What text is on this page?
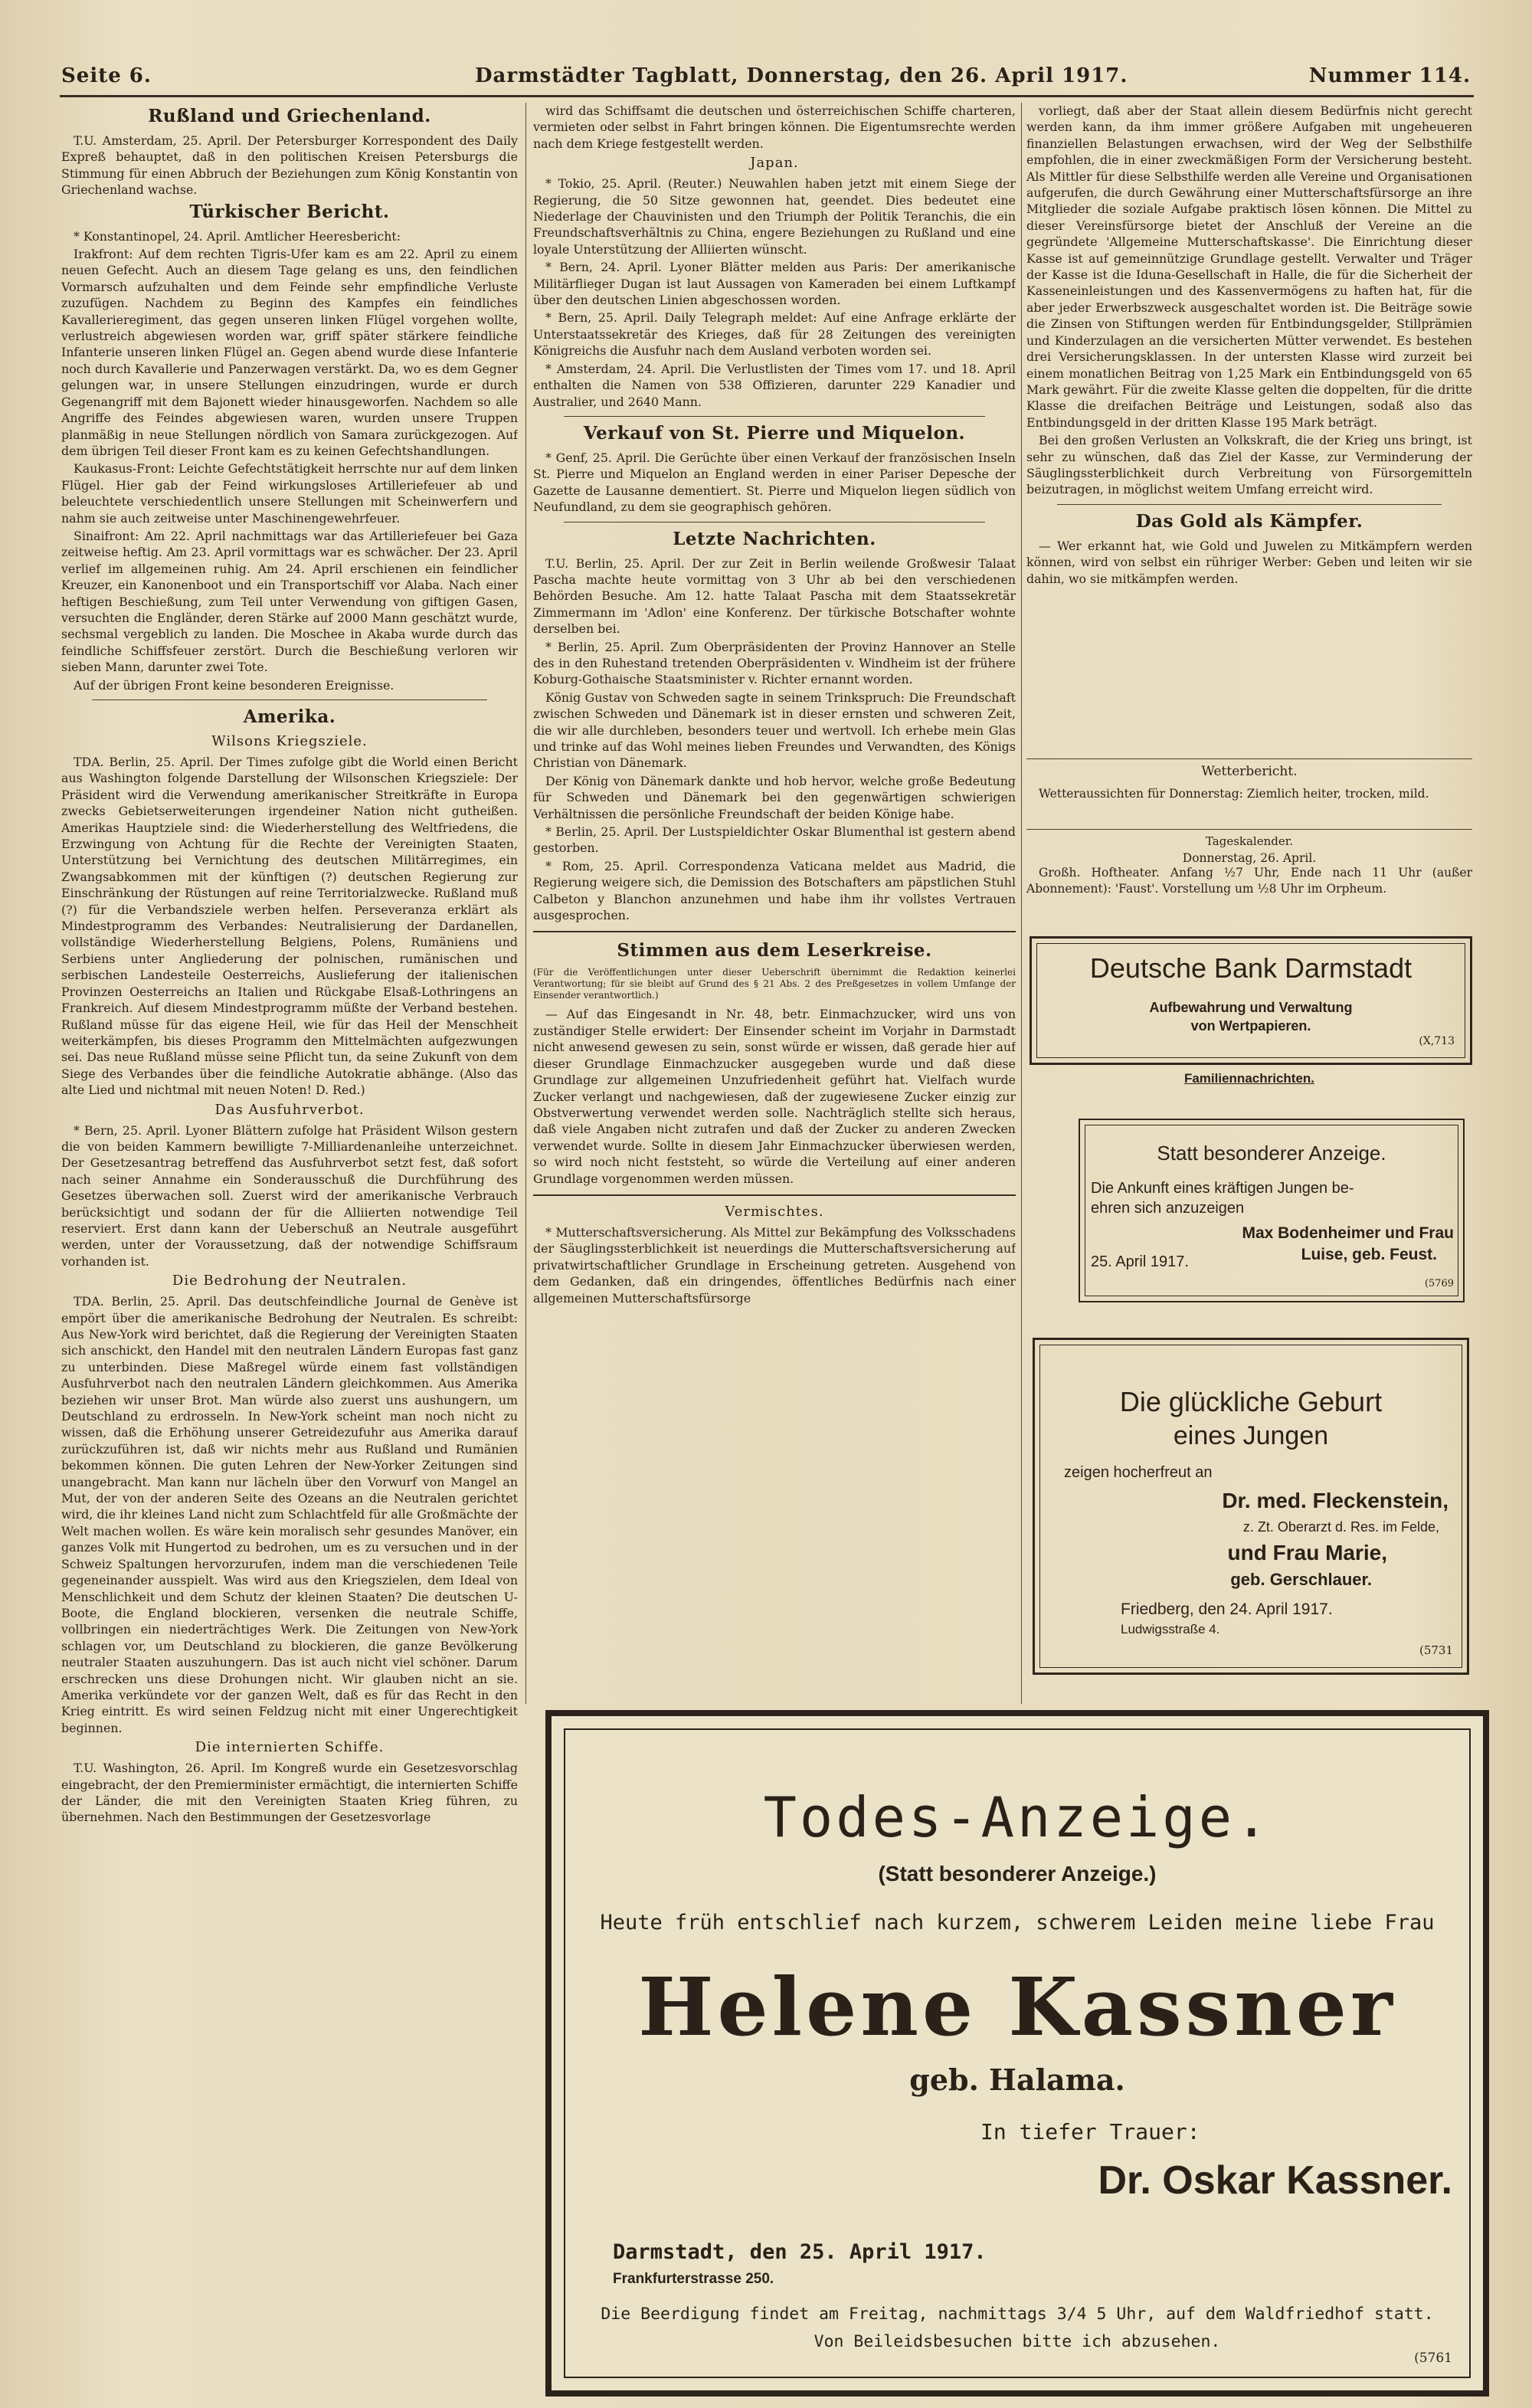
Seite 6.	Darmstädter Tagblatt, Donnerstag, den 26. April 1917.	Nummer 114.
Rußland und Griechenland.

T.U. Amsterdam, 25. April. Der Petersburger Korrespondent des Daily Expreß behauptet, daß in den politischen Kreisen Petersburgs die Stimmung für einen Abbruch der Beziehungen zum König Konstantin von Griechenland wachse.

Türkischer Bericht.

* Konstantinopel, 24. April. Amtlicher Heeresbericht:

Irakfront: Auf dem rechten Tigris-Ufer kam es am 22. April zu einem neuen Gefecht. Auch an diesem Tage gelang es uns, den feindlichen Vormarsch aufzuhalten und dem Feinde sehr empfindliche Verluste zuzufügen. Nachdem zu Beginn des Kampfes ein feindliches Kavallerieregiment, das gegen unseren linken Flügel vorgehen wollte, verlustreich abgewiesen worden war, griff später stärkere feindliche Infanterie unseren linken Flügel an. Gegen abend wurde diese Infanterie noch durch Kavallerie und Panzerwagen verstärkt. Da, wo es dem Gegner gelungen war, in unsere Stellungen einzudringen, wurde er durch Gegenangriff mit dem Bajonett wieder hinausgeworfen. Nachdem so alle Angriffe des Feindes abgewiesen waren, wurden unsere Truppen planmäßig in neue Stellungen nördlich von Samara zurückgezogen. Auf dem übrigen Teil dieser Front kam es zu keinen Gefechtshandlungen.

Kaukasus-Front: Leichte Gefechtstätigkeit herrschte nur auf dem linken Flügel. Hier gab der Feind wirkungsloses Artilleriefeuer ab und beleuchtete verschiedentlich unsere Stellungen mit Scheinwerfern und nahm sie auch zeitweise unter Maschinengewehrfeuer.

Sinaifront: Am 22. April nachmittags war das Artilleriefeuer bei Gaza zeitweise heftig. Am 23. April vormittags war es schwächer. Der 23. April verlief im allgemeinen ruhig. Am 24. April erschienen ein feindlicher Kreuzer, ein Kanonenboot und ein Transportschiff vor Alaba. Nach einer heftigen Beschießung, zum Teil unter Verwendung von giftigen Gasen, versuchten die Engländer, deren Stärke auf 2000 Mann geschätzt wurde, sechsmal vergeblich zu landen. Die Moschee in Akaba wurde durch das feindliche Schiffsfeuer zerstört. Durch die Beschießung verloren wir sieben Mann, darunter zwei Tote.

Auf der übrigen Front keine besonderen Ereignisse.

Amerika.
Wilsons Kriegsziele.

TDA. Berlin, 25. April. Der Times zufolge gibt die World einen Bericht aus Washington folgende Darstellung der Wilsonschen Kriegsziele: Der Präsident wird die Verwendung amerikanischer Streitkräfte in Europa zwecks Gebietserweiterungen irgendeiner Nation nicht gutheißen. Amerikas Hauptziele sind: die Wiederherstellung des Weltfriedens, die Erzwingung von Achtung für die Rechte der Vereinigten Staaten, Unterstützung bei Vernichtung des deutschen Militärregimes, ein Zwangsabkommen mit der künftigen (?) deutschen Regierung zur Einschränkung der Rüstungen auf reine Territorialzwecke. Rußland muß (?) für die Verbandsziele werben helfen. Perseveranza erklärt als Mindestprogramm des Verbandes: Neutralisierung der Dardanellen, vollständige Wiederherstellung Belgiens, Polens, Rumäniens und Serbiens unter Angliederung der polnischen, rumänischen und serbischen Landesteile Oesterreichs, Auslieferung der italienischen Provinzen Oesterreichs an Italien und Rückgabe Elsaß-Lothringens an Frankreich. Auf diesem Mindestprogramm müßte der Verband bestehen. Rußland müsse für das eigene Heil, wie für das Heil der Menschheit weiterkämpfen, bis dieses Programm den Mittelmächten aufgezwungen sei. Das neue Rußland müsse seine Pflicht tun, da seine Zukunft von dem Siege des Verbandes über die feindliche Autokratie abhänge. (Also das alte Lied und nichtmal mit neuen Noten! D. Red.)

Das Ausfuhrverbot.

* Bern, 25. April. Lyoner Blättern zufolge hat Präsident Wilson gestern die von beiden Kammern bewilligte 7-Milliardenanleihe unterzeichnet. Der Gesetzesantrag betreffend das Ausfuhrverbot setzt fest, daß sofort nach seiner Annahme ein Sonderausschuß die Durchführung des Gesetzes überwachen soll. Zuerst wird der amerikanische Verbrauch berücksichtigt und sodann der für die Alliierten notwendige Teil reserviert. Erst dann kann der Ueberschuß an Neutrale ausgeführt werden, unter der Voraussetzung, daß der notwendige Schiffsraum vorhanden ist.

Die Bedrohung der Neutralen.

TDA. Berlin, 25. April. Das deutschfeindliche Journal de Genève ist empört über die amerikanische Bedrohung der Neutralen. Es schreibt: Aus New-York wird berichtet, daß die Regierung der Vereinigten Staaten sich anschickt, den Handel mit den neutralen Ländern Europas fast ganz zu unterbinden. Diese Maßregel würde einem fast vollständigen Ausfuhrverbot nach den neutralen Ländern gleichkommen. Aus Amerika beziehen wir unser Brot. Man würde also zuerst uns aushungern, um Deutschland zu erdrosseln. In New-York scheint man noch nicht zu wissen, daß die Erhöhung unserer Getreidezufuhr aus Amerika darauf zurückzuführen ist, daß wir nichts mehr aus Rußland und Rumänien bekommen können. Die guten Lehren der New-Yorker Zeitungen sind unangebracht. Man kann nur lächeln über den Vorwurf von Mangel an Mut, der von der anderen Seite des Ozeans an die Neutralen gerichtet wird, die ihr kleines Land nicht zum Schlachtfeld für alle Großmächte der Welt machen wollen. Es wäre kein moralisch sehr gesundes Manöver, ein ganzes Volk mit Hungertod zu bedrohen, um es zu versuchen und in der Schweiz Spaltungen hervorzurufen, indem man die verschiedenen Teile gegeneinander ausspielt. Was wird aus den Kriegszielen, dem Ideal von Menschlichkeit und dem Schutz der kleinen Staaten? Die deutschen U-Boote, die England blockieren, versenken die neutrale Schiffe, vollbringen ein niederträchtiges Werk. Die Zeitungen von New-York schlagen vor, um Deutschland zu blockieren, die ganze Bevölkerung neutraler Staaten auszuhungern. Das ist auch nicht viel schöner. Darum erschrecken uns diese Drohungen nicht. Wir glauben nicht an sie. Amerika verkündete vor der ganzen Welt, daß es für das Recht in den Krieg eintritt. Es wird seinen Feldzug nicht mit einer Ungerechtigkeit beginnen.

Die internierten Schiffe.

T.U. Washington, 26. April. Im Kongreß wurde ein Gesetzesvorschlag eingebracht, der den Premierminister ermächtigt, die internierten Schiffe der Länder, die mit den Vereinigten Staaten Krieg führen, zu übernehmen. Nach den Bestimmungen der Gesetzesvorlage

wird das Schiffsamt die deutschen und österreichischen Schiffe charteren, vermieten oder selbst in Fahrt bringen können. Die Eigentumsrechte werden nach dem Kriege festgestellt werden.

Japan.

* Tokio, 25. April. (Reuter.) Neuwahlen haben jetzt mit einem Siege der Regierung, die 50 Sitze gewonnen hat, geendet. Dies bedeutet eine Niederlage der Chauvinisten und den Triumph der Politik Teranchis, die ein Freundschaftsverhältnis zu China, engere Beziehungen zu Rußland und eine loyale Unterstützung der Alliierten wünscht.

* Bern, 24. April. Lyoner Blätter melden aus Paris: Der amerikanische Militärflieger Dugan ist laut Aussagen von Kameraden bei einem Luftkampf über den deutschen Linien abgeschossen worden.

* Bern, 25. April. Daily Telegraph meldet: Auf eine Anfrage erklärte der Unterstaatssekretär des Krieges, daß für 28 Zeitungen des vereinigten Königreichs die Ausfuhr nach dem Ausland verboten worden sei.

* Amsterdam, 24. April. Die Verlustlisten der Times vom 17. und 18. April enthalten die Namen von 538 Offizieren, darunter 229 Kanadier und Australier, und 2640 Mann.

Verkauf von St. Pierre und Miquelon.

* Genf, 25. April. Die Gerüchte über einen Verkauf der französischen Inseln St. Pierre und Miquelon an England werden in einer Pariser Depesche der Gazette de Lausanne dementiert. St. Pierre und Miquelon liegen südlich von Neufundland, zu dem sie geographisch gehören.

Letzte Nachrichten.

T.U. Berlin, 25. April. Der zur Zeit in Berlin weilende Großwesir Talaat Pascha machte heute vormittag von 3 Uhr ab bei den verschiedenen Behörden Besuche. Am 12. hatte Talaat Pascha mit dem Staatssekretär Zimmermann im 'Adlon' eine Konferenz. Der türkische Botschafter wohnte derselben bei.

* Berlin, 25. April. Zum Oberpräsidenten der Provinz Hannover an Stelle des in den Ruhestand tretenden Oberpräsidenten v. Windheim ist der frühere Koburg-Gothaische Staatsminister v. Richter ernannt worden.

König Gustav von Schweden sagte in seinem Trinkspruch: Die Freundschaft zwischen Schweden und Dänemark ist in dieser ernsten und schweren Zeit, die wir alle durchleben, besonders teuer und wertvoll. Ich erhebe mein Glas und trinke auf das Wohl meines lieben Freundes und Verwandten, des Königs Christian von Dänemark.

Der König von Dänemark dankte und hob hervor, welche große Bedeutung für Schweden und Dänemark bei den gegenwärtigen schwierigen Verhältnissen die persönliche Freundschaft der beiden Könige habe.

* Berlin, 25. April. Der Lustspieldichter Oskar Blumenthal ist gestern abend gestorben.

* Rom, 25. April. Correspondenza Vaticana meldet aus Madrid, die Regierung weigere sich, die Demission des Botschafters am päpstlichen Stuhl Calbeton y Blanchon anzunehmen und habe ihm ihr vollstes Vertrauen ausgesprochen.

Stimmen aus dem Leserkreise.
(Für die Veröffentlichungen unter dieser Ueberschrift übernimmt die Redaktion keinerlei Verantwortung; für sie bleibt auf Grund des § 21 Abs. 2 des Preßgesetzes in vollem Umfange der Einsender verantwortlich.)

— Auf das Eingesandt in Nr. 48, betr. Einmachzucker, wird uns von zuständiger Stelle erwidert: Der Einsender scheint im Vorjahr in Darmstadt nicht anwesend gewesen zu sein, sonst würde er wissen, daß gerade hier auf dieser Grundlage Einmachzucker ausgegeben wurde und daß diese Grundlage zur allgemeinen Unzufriedenheit geführt hat. Vielfach wurde Zucker verlangt und nachgewiesen, daß der zugewiesene Zucker einzig zur Obstverwertung verwendet werden solle. Nachträglich stellte sich heraus, daß viele Angaben nicht zutrafen und daß der Zucker zu anderen Zwecken verwendet wurde. Sollte in diesem Jahr Einmachzucker überwiesen werden, so wird noch nicht feststeht, so würde die Verteilung auf einer anderen Grundlage vorgenommen werden müssen.

Vermischtes.

* Mutterschaftsversicherung. Als Mittel zur Bekämpfung des Volksschadens der Säuglingssterblichkeit ist neuerdings die Mutterschaftsversicherung auf privatwirtschaftlicher Grundlage in Erscheinung getreten. Ausgehend von dem Gedanken, daß ein dringendes, öffentliches Bedürfnis nach einer allgemeinen Mutterschaftsfürsorge

vorliegt, daß aber der Staat allein diesem Bedürfnis nicht gerecht werden kann, da ihm immer größere Aufgaben mit ungeheueren finanziellen Belastungen erwachsen, wird der Weg der Selbsthilfe empfohlen, die in einer zweckmäßigen Form der Versicherung besteht. Als Mittler für diese Selbsthilfe werden alle Vereine und Organisationen aufgerufen, die durch Gewährung einer Mutterschaftsfürsorge an ihre Mitglieder die soziale Aufgabe praktisch lösen können. Die Mittel zu dieser Vereinsfürsorge bietet der Anschluß der Vereine an die gegründete 'Allgemeine Mutterschaftskasse'. Die Einrichtung dieser Kasse ist auf gemeinnützige Grundlage gestellt. Verwalter und Träger der Kasse ist die Iduna-Gesellschaft in Halle, die für die Sicherheit der Kasseneinleistungen und des Kassenvermögens zu haften hat, für die aber jeder Erwerbszweck ausgeschaltet worden ist. Die Beiträge sowie die Zinsen von Stiftungen werden für Entbindungsgelder, Stillprämien und Kinderzulagen an die versicherten Mütter verwendet. Es bestehen drei Versicherungsklassen. In der untersten Klasse wird zurzeit bei einem monatlichen Beitrag von 1,25 Mark ein Entbindungsgeld von 65 Mark gewährt. Für die zweite Klasse gelten die doppelten, für die dritte Klasse die dreifachen Beiträge und Leistungen, sodaß also das Entbindungsgeld in der dritten Klasse 195 Mark beträgt.

Bei den großen Verlusten an Volkskraft, die der Krieg uns bringt, ist sehr zu wünschen, daß das Ziel der Kasse, zur Verminderung der Säuglingssterblichkeit durch Verbreitung von Fürsorgemitteln beizutragen, in möglichst weitem Umfang erreicht wird.

Das Gold als Kämpfer.

— Wer erkannt hat, wie Gold und Juwelen zu Mitkämpfern werden können, wird von selbst ein rühriger Werber: Geben und leiten wir sie dahin, wo sie mitkämpfen werden.

Wetterbericht.

Wetteraussichten für Donnerstag: Ziemlich heiter, trocken, mild.

Tageskalender.
Donnerstag, 26. April.

Großh. Hoftheater. Anfang ½7 Uhr, Ende nach 11 Uhr (außer Abonnement): 'Faust'. Vorstellung um ½8 Uhr im Orpheum.

Deutsche Bank Darmstadt
Aufbewahrung und Verwaltung
von Wertpapieren.
(X,713
Familiennachrichten.
Statt besonderer Anzeige.
Die Ankunft eines kräftigen Jungen be-
ehren sich anzuzeigen
Max Bodenheimer und Frau
Luise, geb. Feust.
25. April 1917.
(5769
Die glückliche Geburt
eines Jungen
zeigen hocherfreut an
Dr. med. Fleckenstein,
z. Zt. Oberarzt d. Res. im Felde,
und Frau Marie,
geb. Gerschlauer.
Friedberg, den 24. April 1917.
Ludwigsstraße 4.
(5731
Todes-Anzeige.
(Statt besonderer Anzeige.)
Heute früh entschlief nach kurzem, schwerem Leiden meine liebe Frau
Helene Kassner
geb. Halama.
In tiefer Trauer:
Dr. Oskar Kassner.
Darmstadt, den 25. April 1917.
Frankfurterstrasse 250.
Die Beerdigung findet am Freitag, nachmittags 3/4 5 Uhr, auf dem Waldfriedhof statt.
Von Beileidsbesuchen bitte ich abzusehen.
(5761
